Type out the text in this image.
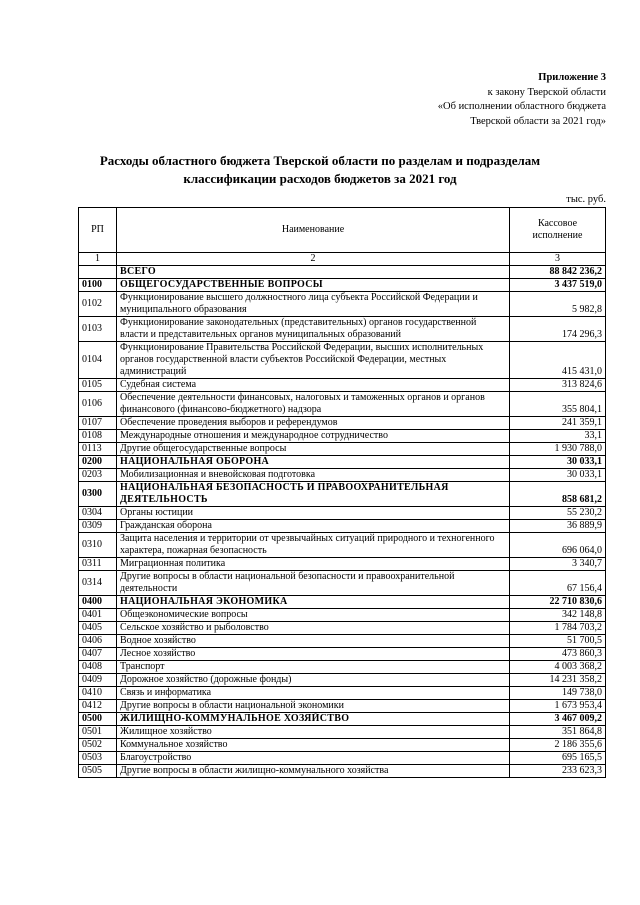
Приложение 3
к закону Тверской области
«Об исполнении областного бюджета
Тверской области за 2021 год»
Расходы областного бюджета Тверской области по разделам и подразделам
классификации расходов бюджетов за 2021 год
тыс. руб.
РП	Наименование	Кассовое исполнение
1	2	3
	ВСЕГО	88 842 236,2
0100	ОБЩЕГОСУДАРСТВЕННЫЕ ВОПРОСЫ	3 437 519,0
0102	Функционирование высшего должностного лица субъекта Российской Федерации и муниципального образования	5 982,8
0103	Функционирование законодательных (представительных) органов государственной власти и представительных органов муниципальных образований	174 296,3
0104	Функционирование Правительства Российской Федерации, высших исполнительных органов государственной власти субъектов Российской Федерации, местных администраций	415 431,0
0105	Судебная система	313 824,6
0106	Обеспечение деятельности финансовых, налоговых и таможенных органов и органов финансового (финансово-бюджетного) надзора	355 804,1
0107	Обеспечение проведения выборов и референдумов	241 359,1
0108	Международные отношения и международное сотрудничество	33,1
0113	Другие общегосударственные вопросы	1 930 788,0
0200	НАЦИОНАЛЬНАЯ ОБОРОНА	30 033,1
0203	Мобилизационная и вневойсковая подготовка	30 033,1
0300	НАЦИОНАЛЬНАЯ БЕЗОПАСНОСТЬ И ПРАВООХРАНИТЕЛЬНАЯ ДЕЯТЕЛЬНОСТЬ	858 681,2
0304	Органы юстиции	55 230,2
0309	Гражданская оборона	36 889,9
0310	Защита населения и территории от чрезвычайных ситуаций природного и техногенного характера, пожарная безопасность	696 064,0
0311	Миграционная политика	3 340,7
0314	Другие вопросы в области национальной безопасности и правоохранительной деятельности	67 156,4
0400	НАЦИОНАЛЬНАЯ ЭКОНОМИКА	22 710 830,6
0401	Общеэкономические вопросы	342 148,8
0405	Сельское хозяйство и рыболовство	1 784 703,2
0406	Водное хозяйство	51 700,5
0407	Лесное хозяйство	473 860,3
0408	Транспорт	4 003 368,2
0409	Дорожное хозяйство (дорожные фонды)	14 231 358,2
0410	Связь и информатика	149 738,0
0412	Другие вопросы в области национальной экономики	1 673 953,4
0500	ЖИЛИЩНО-КОММУНАЛЬНОЕ ХОЗЯЙСТВО	3 467 009,2
0501	Жилищное хозяйство	351 864,8
0502	Коммунальное хозяйство	2 186 355,6
0503	Благоустройство	695 165,5
0505	Другие вопросы в области жилищно-коммунального хозяйства	233 623,3
